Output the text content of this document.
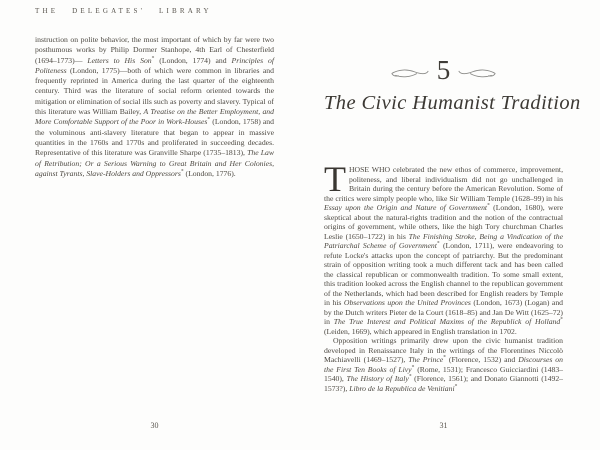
THE DELEGATES' LIBRARY
instruction on polite behavior, the most important of which by far were two posthumous works by Philip Dormer Stanhope, 4th Earl of Chesterfield (1694–1773)— Letters to His Son* (London, 1774) and Principles of Politeness (London, 1775)—both of which were common in libraries and frequently reprinted in America during the last quarter of the eighteenth century. Third was the literature of social reform oriented towards the mitigation or elimination of social ills such as poverty and slavery. Typical of this literature was William Bailey, A Treatise on the Better Employment, and More Comfortable Support of the Poor in Work-Houses* (London, 1758) and the voluminous anti-slavery literature that began to appear in massive quantities in the 1760s and 1770s and proliferated in succeeding decades. Representative of this literature was Granville Sharpe (1735–1813), The Law of Retribution; Or a Serious Warning to Great Britain and Her Colonies, against Tyrants, Slave-Holders and Oppressors* (London, 1776).
30
5
The Civic Humanist Tradition

THOSE WHO celebrated the new ethos of commerce, improvement, politeness, and liberal individualism did not go unchallenged in Britain during the century before the American Revolution. Some of the critics were simply people who, like Sir William Temple (1628–99) in his Essay upon the Origin and Nature of Government* (London, 1680), were skeptical about the natural-rights tradition and the notion of the contractual origins of government, while others, like the high Tory churchman Charles Leslie (1650–1722) in his The Finishing Stroke, Being a Vindication of the Patriarchal Scheme of Government* (London, 1711), were endeavoring to refute Locke's attacks upon the concept of patriarchy. But the predominant strain of opposition writing took a much different tack and has been called the classical republican or commonwealth tradition. To some small extent, this tradition looked across the English channel to the republican government of the Netherlands, which had been described for English readers by Temple in his Observations upon the United Provinces (London, 1673) (Logan) and by the Dutch writers Pieter de la Court (1618–85) and Jan De Witt (1625–72) in The True Interest and Political Maxims of the Republick of Holland* (Leiden, 1669), which appeared in English translation in 1702.

Opposition writings primarily drew upon the civic humanist tradition developed in Renaissance Italy in the writings of the Florentines Niccolò Machiavelli (1469–1527), The Prince* (Florence, 1532) and Discourses on the First Ten Books of Livy* (Rome, 1531); Francesco Guicciardini (1483–1540), The History of Italy* (Florence, 1561); and Donato Giannotti (1492–1573?), Libro de la Republica de Venitiani*

31
